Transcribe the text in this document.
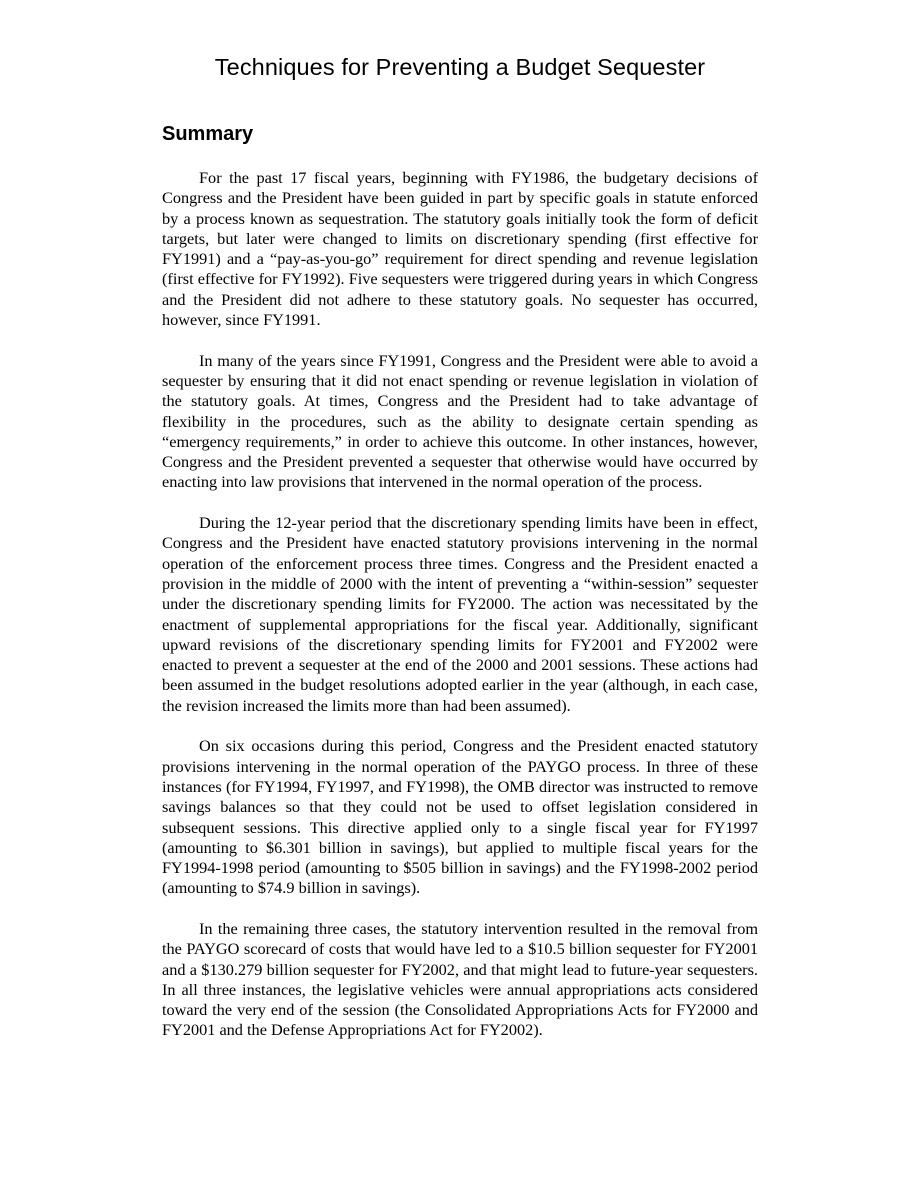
Techniques for Preventing a Budget Sequester
Summary

For the past 17 fiscal years, beginning with FY1986, the budgetary decisions of Congress and the President have been guided in part by specific goals in statute enforced by a process known as sequestration. The statutory goals initially took the form of deficit targets, but later were changed to limits on discretionary spending (first effective for FY1991) and a “pay-as-you-go” requirement for direct spending and revenue legislation (first effective for FY1992). Five sequesters were triggered during years in which Congress and the President did not adhere to these statutory goals. No sequester has occurred, however, since FY1991.

In many of the years since FY1991, Congress and the President were able to avoid a sequester by ensuring that it did not enact spending or revenue legislation in violation of the statutory goals. At times, Congress and the President had to take advantage of flexibility in the procedures, such as the ability to designate certain spending as “emergency requirements,” in order to achieve this outcome. In other instances, however, Congress and the President prevented a sequester that otherwise would have occurred by enacting into law provisions that intervened in the normal operation of the process.

During the 12-year period that the discretionary spending limits have been in effect, Congress and the President have enacted statutory provisions intervening in the normal operation of the enforcement process three times. Congress and the President enacted a provision in the middle of 2000 with the intent of preventing a “within-session” sequester under the discretionary spending limits for FY2000. The action was necessitated by the enactment of supplemental appropriations for the fiscal year. Additionally, significant upward revisions of the discretionary spending limits for FY2001 and FY2002 were enacted to prevent a sequester at the end of the 2000 and 2001 sessions. These actions had been assumed in the budget resolutions adopted earlier in the year (although, in each case, the revision increased the limits more than had been assumed).

On six occasions during this period, Congress and the President enacted statutory provisions intervening in the normal operation of the PAYGO process. In three of these instances (for FY1994, FY1997, and FY1998), the OMB director was instructed to remove savings balances so that they could not be used to offset legislation considered in subsequent sessions. This directive applied only to a single fiscal year for FY1997 (amounting to $6.301 billion in savings), but applied to multiple fiscal years for the FY1994-1998 period (amounting to $505 billion in savings) and the FY1998-2002 period (amounting to $74.9 billion in savings).

In the remaining three cases, the statutory intervention resulted in the removal from the PAYGO scorecard of costs that would have led to a $10.5 billion sequester for FY2001 and a $130.279 billion sequester for FY2002, and that might lead to future-year sequesters. In all three instances, the legislative vehicles were annual appropriations acts considered toward the very end of the session (the Consolidated Appropriations Acts for FY2000 and FY2001 and the Defense Appropriations Act for FY2002).
